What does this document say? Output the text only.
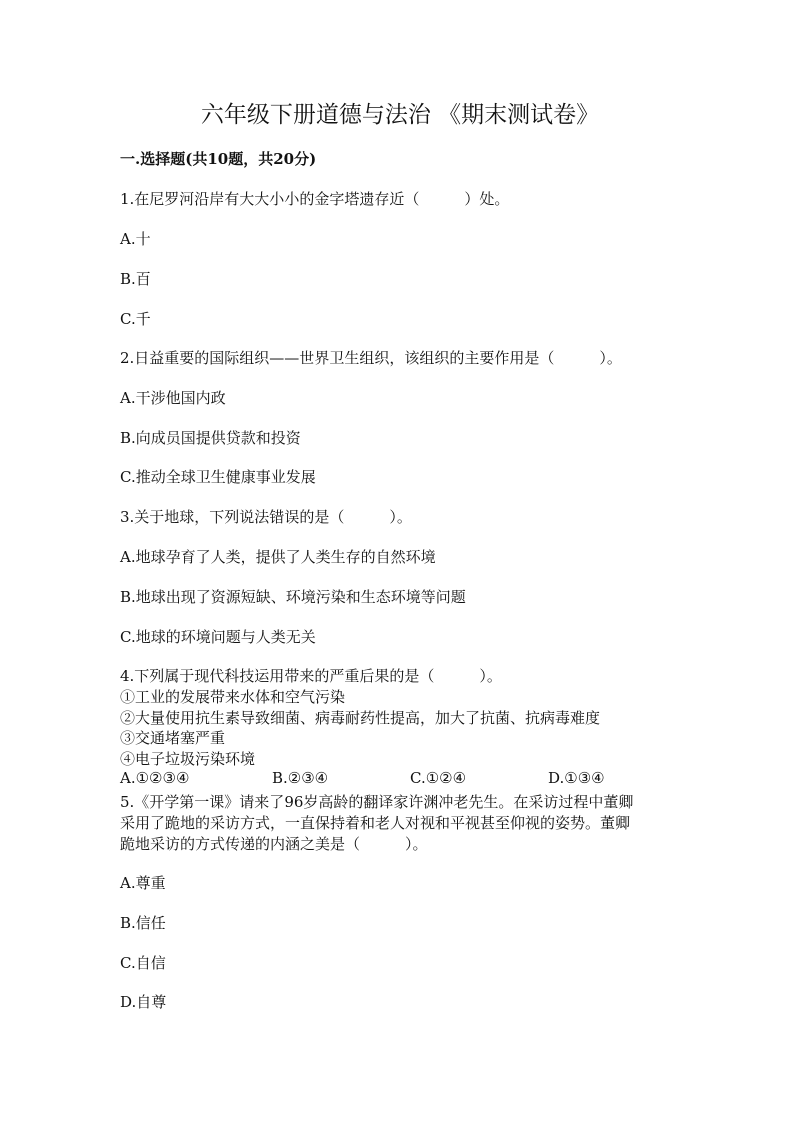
六年级下册道德与法治 《期末测试卷》
一.选择题(共10题，共20分)
1.在尼罗河沿岸有大大小小的金字塔遗存近（　　　）处。
A.十
B.百
C.千
2.日益重要的国际组织——世界卫生组织，该组织的主要作用是（　　　）。
A.干涉他国内政
B.向成员国提供贷款和投资
C.推动全球卫生健康事业发展
3.关于地球，下列说法错误的是（　　　）。
A.地球孕育了人类，提供了人类生存的自然环境
B.地球出现了资源短缺、环境污染和生态环境等问题
C.地球的环境问题与人类无关
4.下列属于现代科技运用带来的严重后果的是（　　　）。
①工业的发展带来水体和空气污染
②大量使用抗生素导致细菌、病毒耐药性提高，加大了抗菌、抗病毒难度
③交通堵塞严重
④电子垃圾污染环境
A.①②③④	B.②③④	C.①②④	D.①③④
5.《开学第一课》请来了96岁高龄的翻译家许渊冲老先生。在采访过程中董卿
采用了跪地的采访方式，一直保持着和老人对视和平视甚至仰视的姿势。董卿
跪地采访的方式传递的内涵之美是（　　　）。
A.尊重
B.信任
C.自信
D.自尊
